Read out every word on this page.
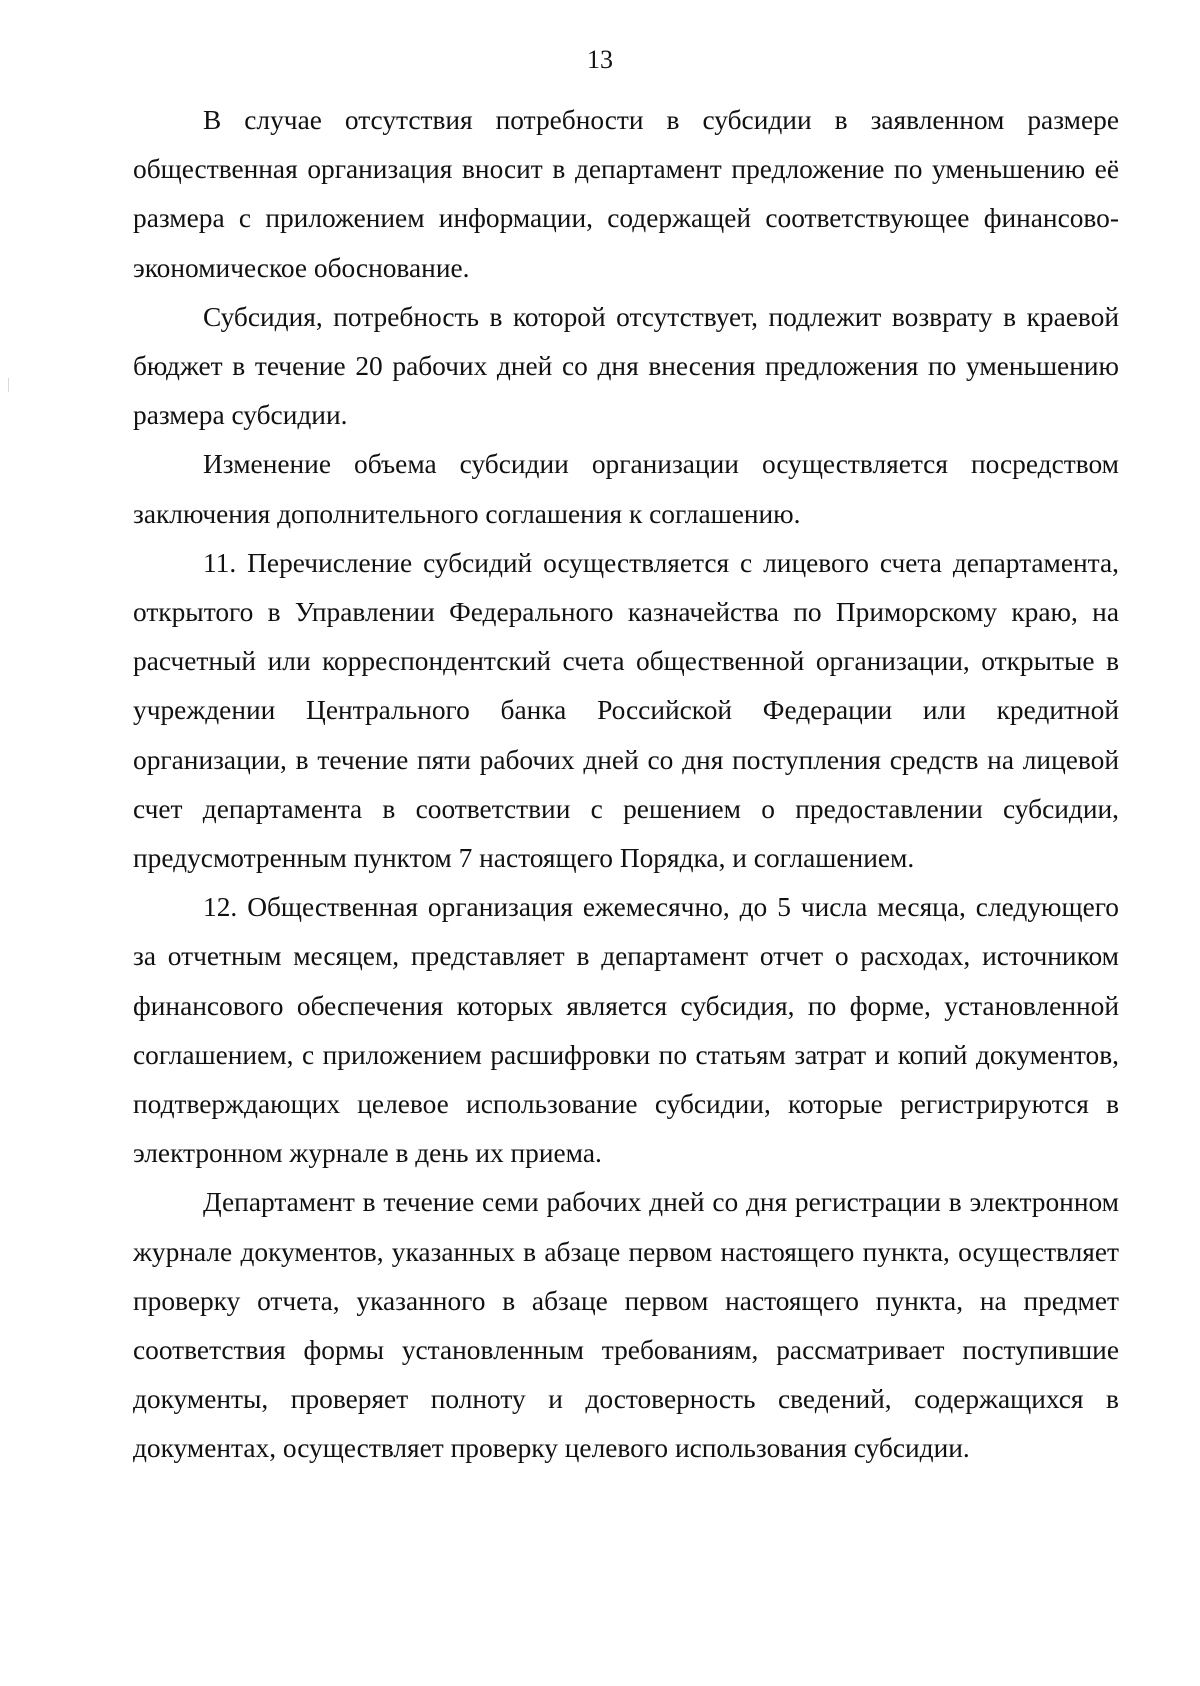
13

В случае отсутствия потребности в субсидии в заявленном размере общественная организация вносит в департамент предложение по уменьшению её размера с приложением информации, содержащей соответствующее финансово-экономическое обоснование.

Субсидия, потребность в которой отсутствует, подлежит возврату в краевой бюджет в течение 20 рабочих дней со дня внесения предложения по уменьшению размера субсидии.

Изменение объема субсидии организации осуществляется посредством заключения дополнительного соглашения к соглашению.

11. Перечисление субсидий осуществляется с лицевого счета департамента, открытого в Управлении Федерального казначейства по Приморскому краю, на расчетный или корреспондентский счета общественной организации, открытые в учреждении Центрального банка Российской Федерации или кредитной организации, в течение пяти рабочих дней со дня поступления средств на лицевой счет департамента в соответствии с решением о предоставлении субсидии, предусмотренным пунктом 7 настоящего Порядка, и соглашением.

12. Общественная организация ежемесячно, до 5 числа месяца, следующего за отчетным месяцем, представляет в департамент отчет о расходах, источником финансового обеспечения которых является субсидия, по форме, установленной соглашением, с приложением расшифровки по статьям затрат и копий документов, подтверждающих целевое использование субсидии, которые регистрируются в электронном журнале в день их приема.

Департамент в течение семи рабочих дней со дня регистрации в электронном журнале документов, указанных в абзаце первом настоящего пункта, осуществляет проверку отчета, указанного в абзаце первом настоящего пункта, на предмет соответствия формы установленным требованиям, рассматривает поступившие документы, проверяет полноту и достоверность сведений, содержащихся в документах, осуществляет проверку целевого использования субсидии.
